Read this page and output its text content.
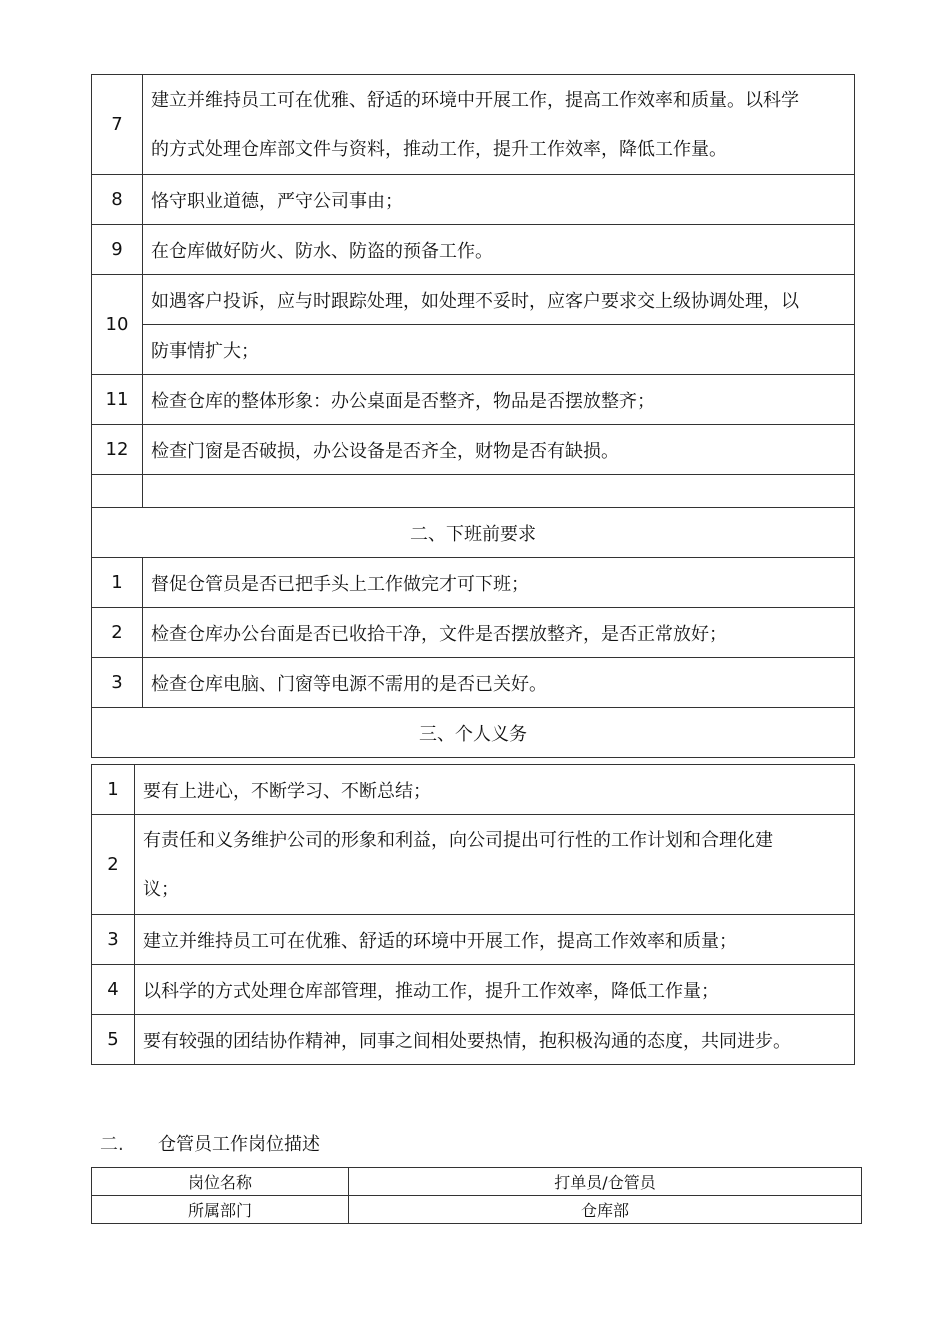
7	建立并维持员工可在优雅、舒适的环境中开展工作，提高工作效率和质量。以科学
的方式处理仓库部文件与资料，推动工作，提升工作效率，降低工作量。

8	恪守职业道德，严守公司事由；
9	在仓库做好防火、防水、防盗的预备工作。
10	如遇客户投诉，应与时跟踪处理，如处理不妥时，应客户要求交上级协调处理，以
	防事情扩大；
11	检查仓库的整体形象：办公桌面是否整齐，物品是否摆放整齐；
12	检查门窗是否破损，办公设备是否齐全，财物是否有缺损。

二、下班前要求	
1	督促仓管员是否已把手头上工作做完才可下班；
2	检查仓库办公台面是否已收拾干净，文件是否摆放整齐，是否正常放好；
3	检查仓库电脑、门窗等电源不需用的是否已关好。
三、个人义务	
1	要有上进心，不断学习、不断总结；
2	有责任和义务维护公司的形象和利益，向公司提出可行性的工作计划和合理化建
议；

3	建立并维持员工可在优雅、舒适的环境中开展工作，提高工作效率和质量；
4	以科学的方式处理仓库部管理，推动工作，提升工作效率，降低工作量；
5	要有较强的团结协作精神，同事之间相处要热情，抱积极沟通的态度，共同进步。
二. 仓管员工作岗位描述
岗位名称	打单员/仓管员
所属部门	仓库部
